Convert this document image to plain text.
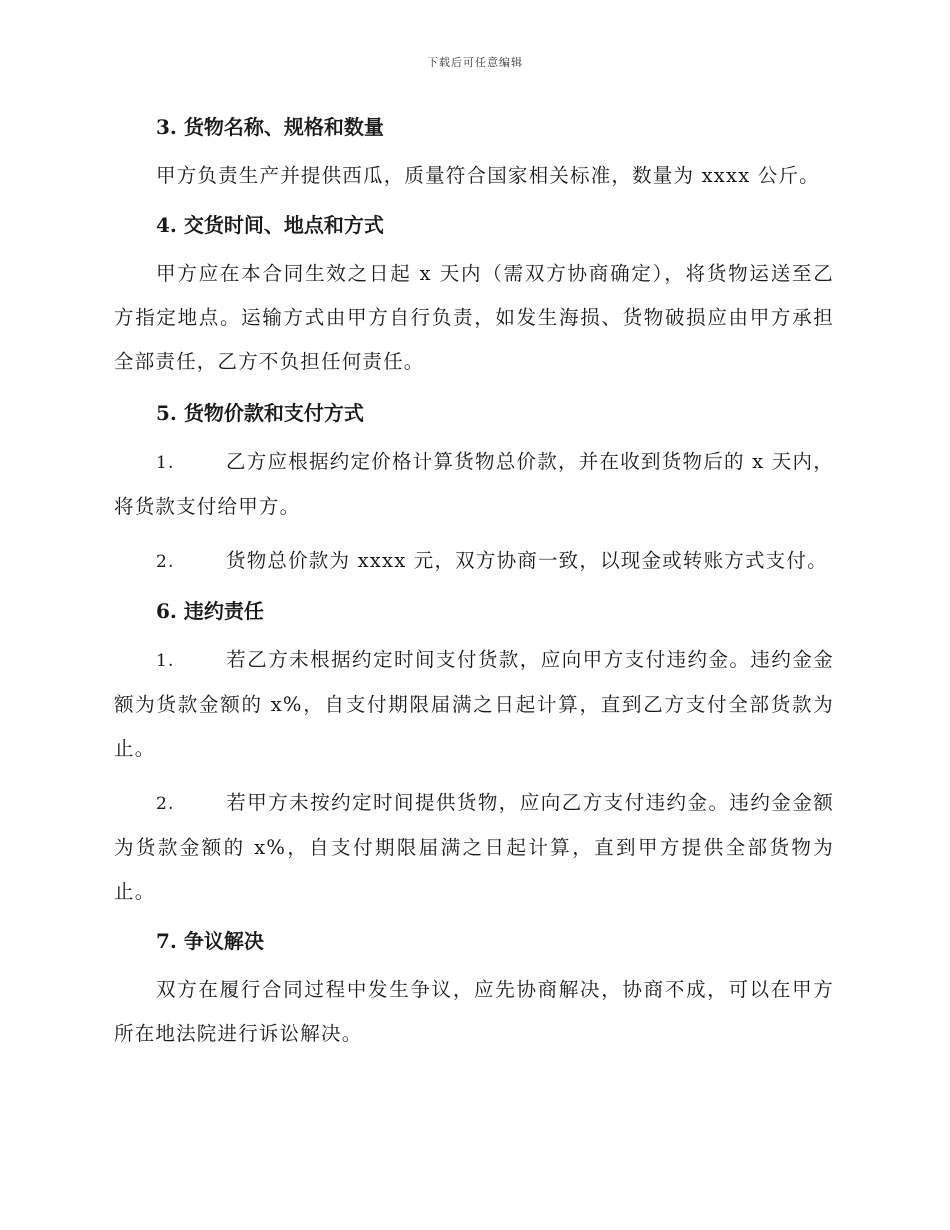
下载后可任意编辑
3. 货物名称、规格和数量

甲方负责生产并提供西瓜，质量符合国家相关标准，数量为 xxxx 公斤。

4. 交货时间、地点和方式

甲方应在本合同生效之日起 x 天内（需双方协商确定），将货物运送至乙方指定地点。运输方式由甲方自行负责，如发生海损、货物破损应由甲方承担全部责任，乙方不负担任何责任。

5. 货物价款和支付方式

1.	乙方应根据约定价格计算货物总价款，并在收到货物后的 x 天内，将货款支付给甲方。

2.	货物总价款为 xxxx 元，双方协商一致，以现金或转账方式支付。

6. 违约责任

1.	若乙方未根据约定时间支付货款，应向甲方支付违约金。违约金金额为货款金额的 x%，自支付期限届满之日起计算，直到乙方支付全部货款为止。

2.	若甲方未按约定时间提供货物，应向乙方支付违约金。违约金金额为货款金额的 x%，自支付期限届满之日起计算，直到甲方提供全部货物为止。

7. 争议解决

双方在履行合同过程中发生争议，应先协商解决，协商不成，可以在甲方所在地法院进行诉讼解决。
